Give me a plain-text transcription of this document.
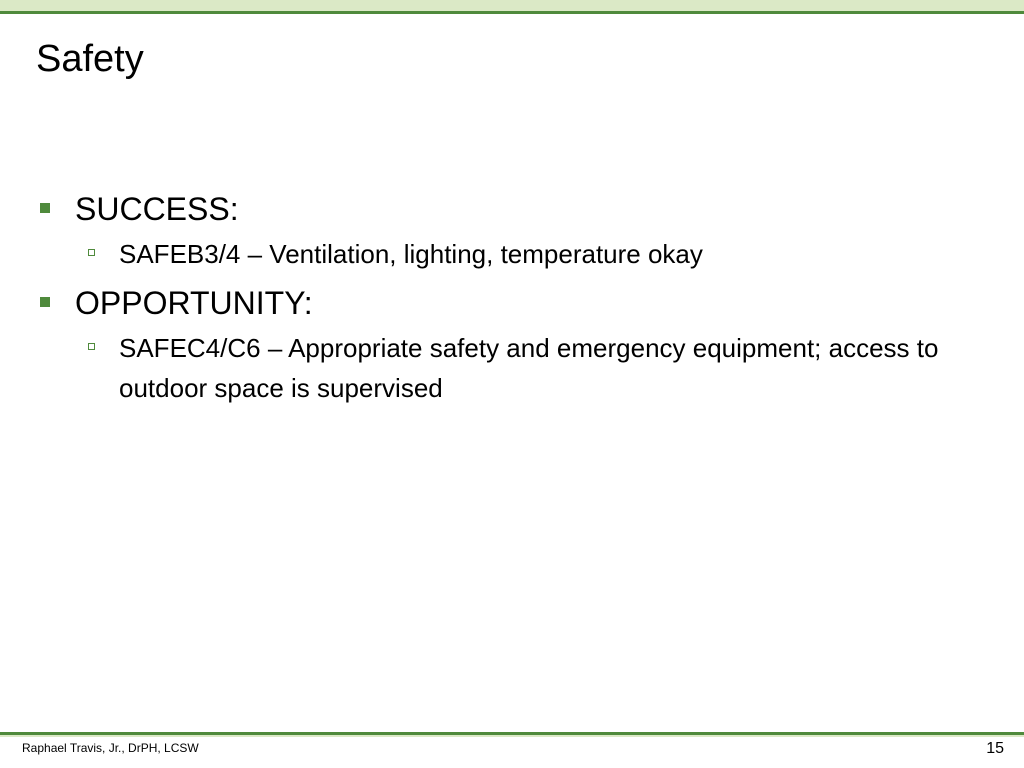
Safety
SUCCESS:
SAFEB3/4 – Ventilation, lighting, temperature okay
OPPORTUNITY:
SAFEC4/C6 – Appropriate safety and emergency equipment; access to outdoor space is supervised
Raphael Travis, Jr., DrPH, LCSW	15
